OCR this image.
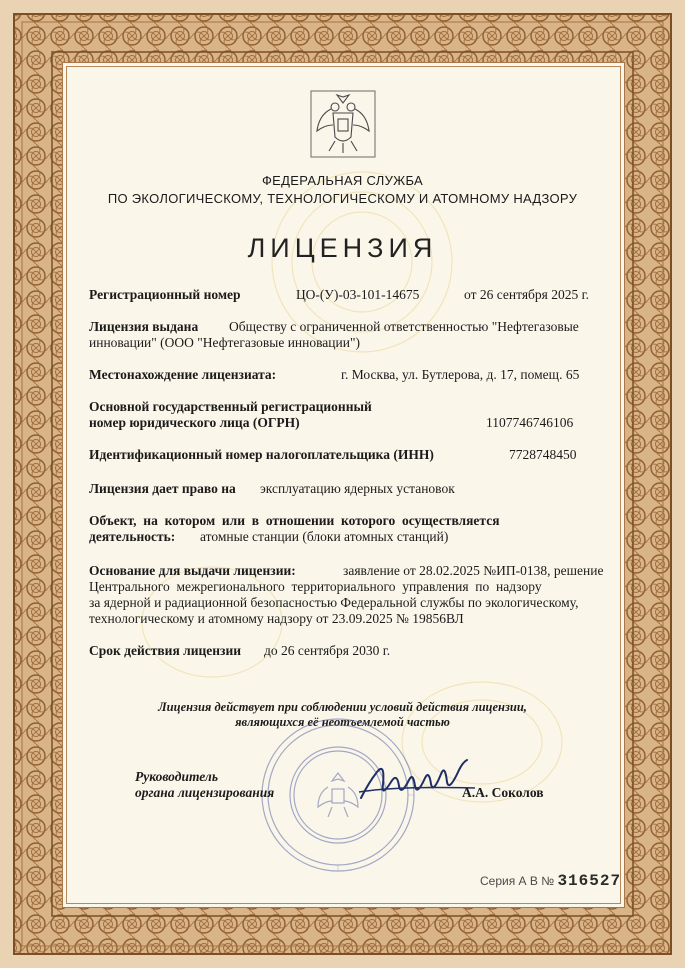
ФЕДЕРАЛЬНАЯ СЛУЖБА
ПО ЭКОЛОГИЧЕСКОМУ, ТЕХНОЛОГИЧЕСКОМУ И АТОМНОМУ НАДЗОРУ
ЛИЦЕНЗИЯ
Регистрационный номер	ЦО-(У)-03-101-14675	от 26 сентября 2025 г.
Лицензия выдана Обществу с ограниченной ответственностью "Нефтегазовые
инновации" (ООО "Нефтегазовые инновации")
Местонахождение лицензиата:	г. Москва, ул. Бутлерова, д. 17, помещ. 65
Основной государственный регистрационный
номер юридического лица (ОГРН)	1107746746106
Идентификационный номер налогоплательщика (ИНН)	7728748450
Лицензия дает право на эксплуатацию ядерных установок
Объект,  на  котором  или  в  отношении  которого  осуществляется
деятельность: атомные станции (блоки атомных станций)
Основание для выдачи лицензии:	заявление от 28.02.2025 №ИП-0138, решение
Центрального  межрегионального  территориального  управления  по  надзору
за ядерной и радиационной безопасностью Федеральной службы по экологическому,
технологическому и атомному надзору от 23.09.2025 № 19856ВЛ
Срок действия лицензии до 26 сентября 2030 г.
Лицензия действует при соблюдении условий действия лицензии,
являющихся её неотъемлемой частью
Руководитель
органа лицензирования	А.А. Соколов
Серия А В № 316527
